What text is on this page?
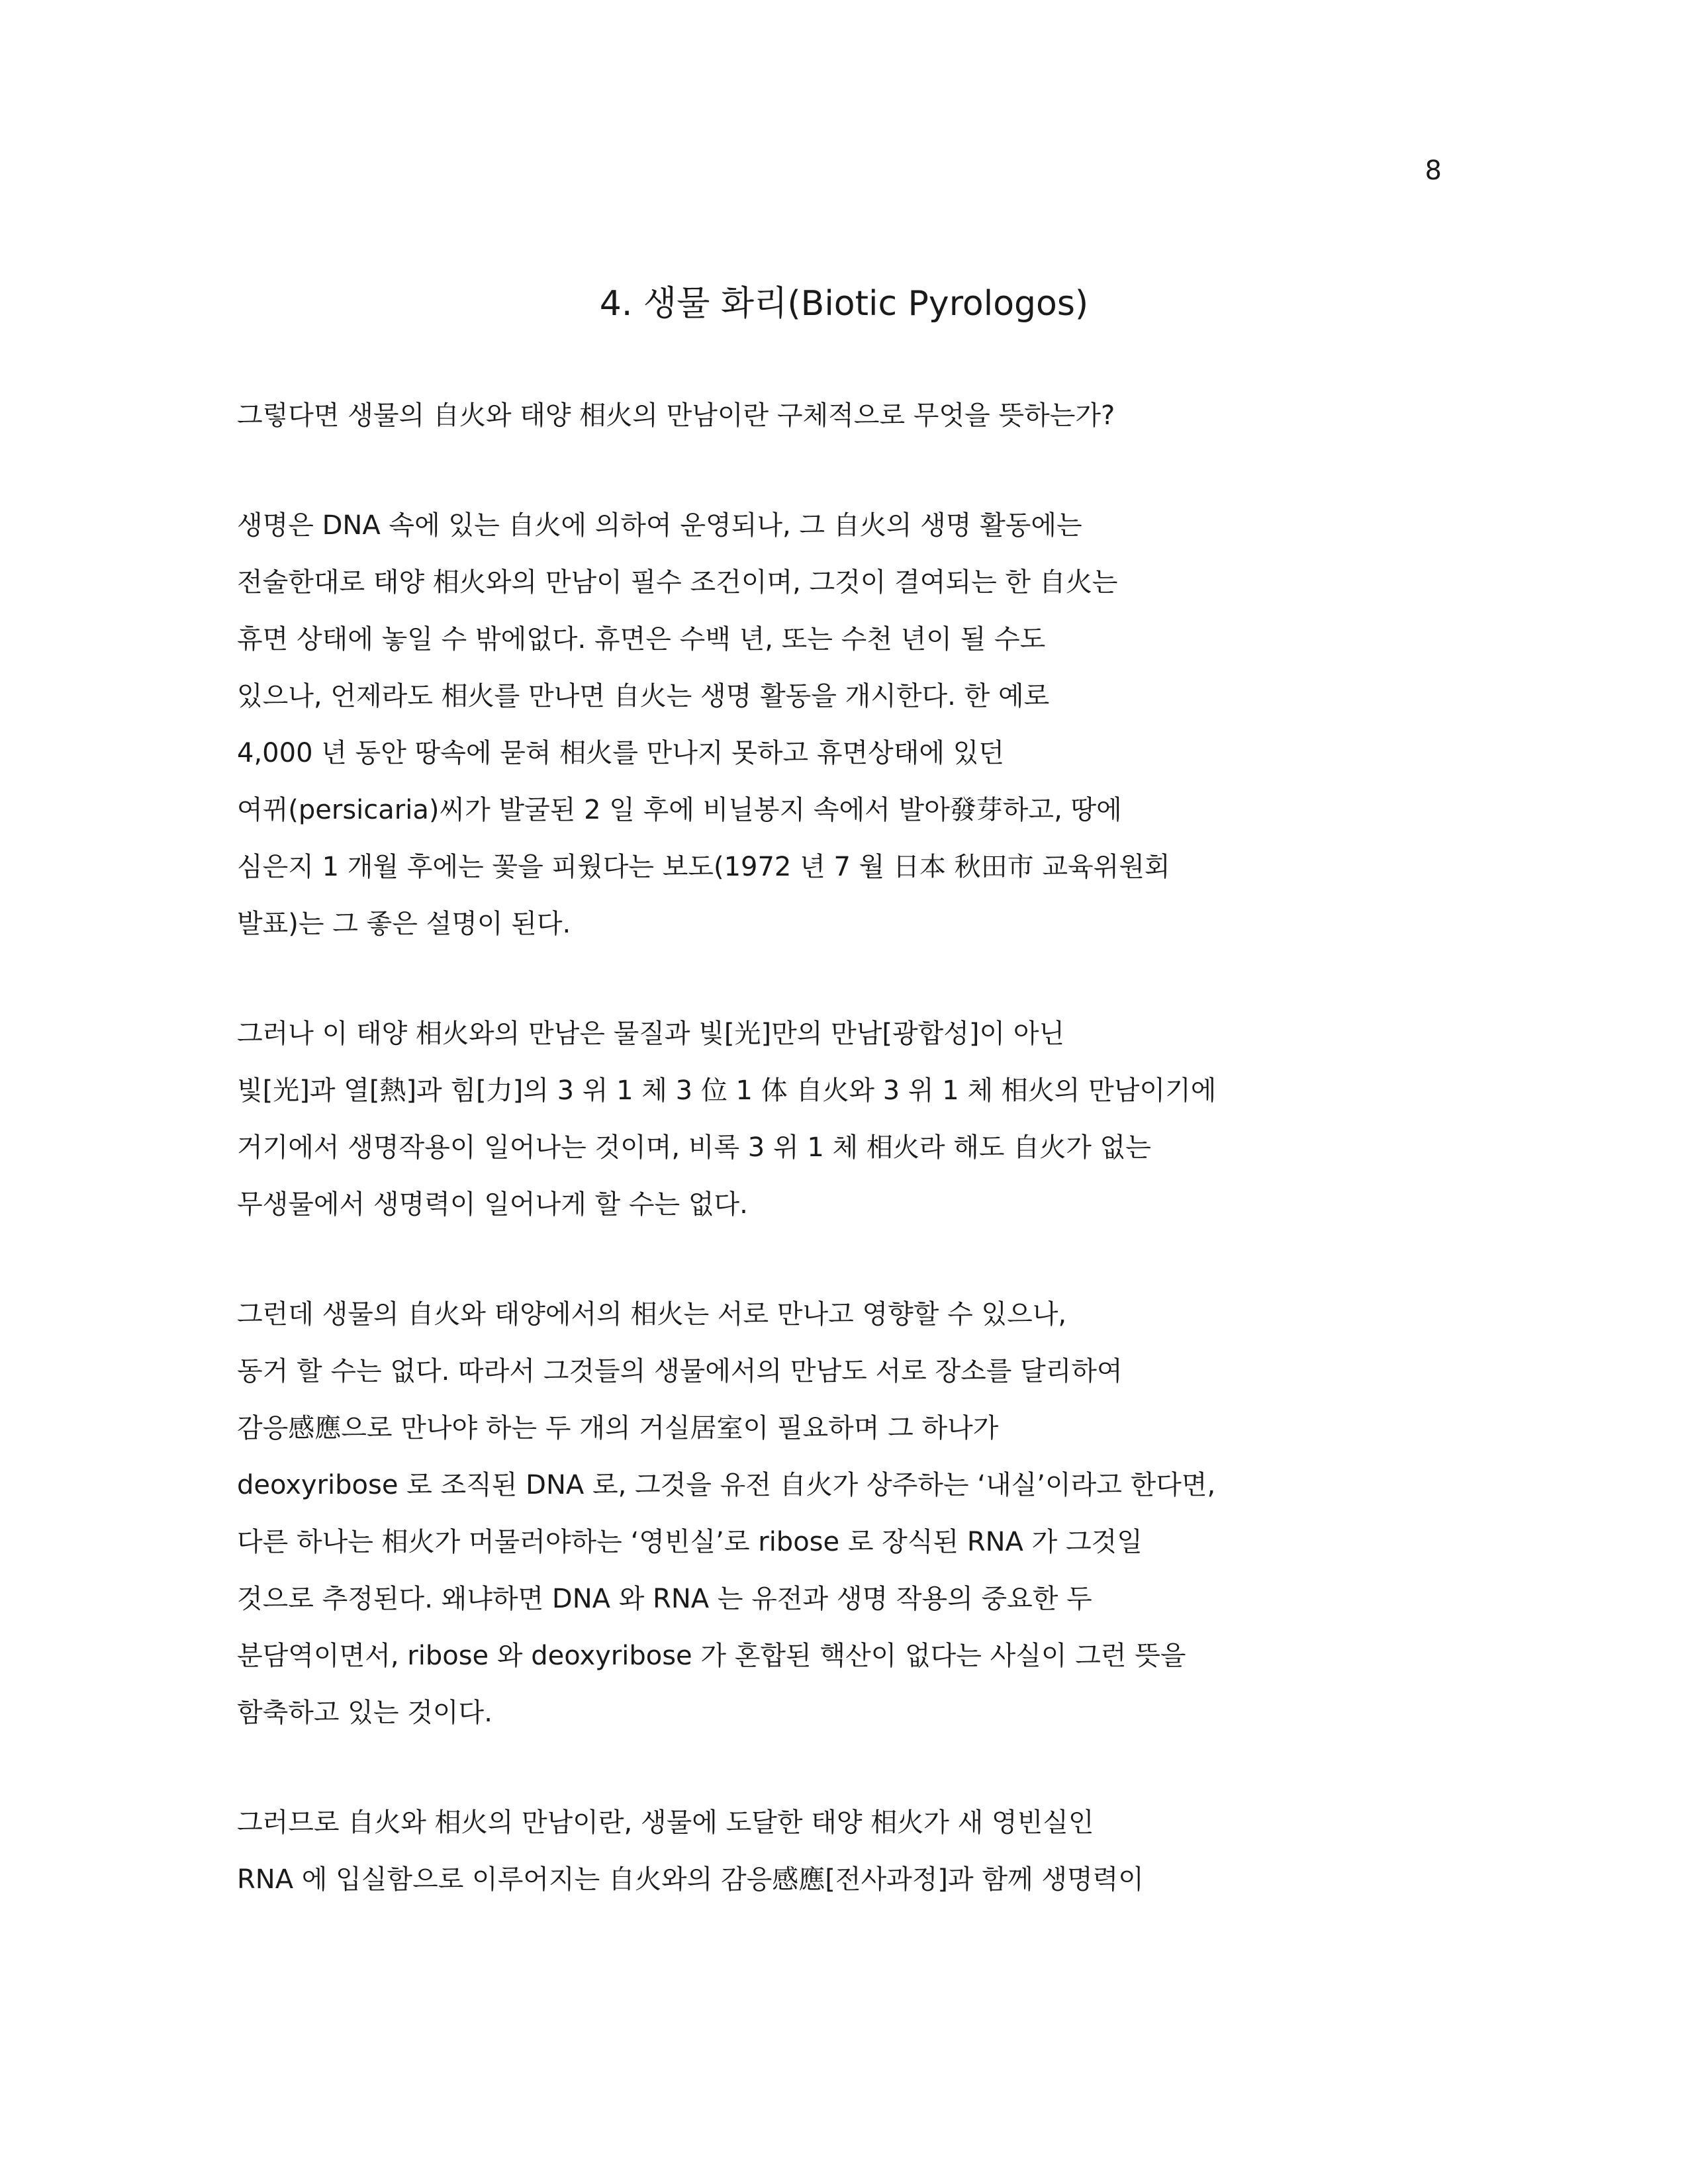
8
4. 생물 화리(Biotic Pyrologos)
그렇다면 생물의 自火와 태양 相火의 만남이란 구체적으로 무엇을 뜻하는가?
생명은 DNA 속에 있는 自火에 의하여 운영되나, 그 自火의 생명 활동에는
전술한대로 태양 相火와의 만남이 필수 조건이며, 그것이 결여되는 한 自火는
휴면 상태에 놓일 수 밖에없다. 휴면은 수백 년, 또는 수천 년이 될 수도
있으나, 언제라도 相火를 만나면 自火는 생명 활동을 개시한다. 한 예로
4,000 년 동안 땅속에 묻혀 相火를 만나지 못하고 휴면상태에 있던
여뀌(persicaria)씨가 발굴된 2 일 후에 비닐봉지 속에서 발아發芽하고, 땅에
심은지 1 개월 후에는 꽃을 피웠다는 보도(1972 년 7 월 日本 秋田市 교육위원회
발표)는 그 좋은 설명이 된다.
그러나 이 태양 相火와의 만남은 물질과 빛[光]만의 만남[광합성]이 아닌
빛[光]과 열[熱]과 힘[力]의 3 위 1 체 3 位 1 体 自火와 3 위 1 체 相火의 만남이기에
거기에서 생명작용이 일어나는 것이며, 비록 3 위 1 체 相火라 해도 自火가 없는
무생물에서 생명력이 일어나게 할 수는 없다.
그런데 생물의 自火와 태양에서의 相火는 서로 만나고 영향할 수 있으나,
동거 할 수는 없다. 따라서 그것들의 생물에서의 만남도 서로 장소를 달리하여
감응感應으로 만나야 하는 두 개의 거실居室이 필요하며 그 하나가
deoxyribose 로 조직된 DNA 로, 그것을 유전 自火가 상주하는 ‘내실’이라고 한다면,
다른 하나는 相火가 머물러야하는 ‘영빈실’로 ribose 로 장식된 RNA 가 그것일
것으로 추정된다. 왜냐하면 DNA 와 RNA 는 유전과 생명 작용의 중요한 두
분담역이면서, ribose 와 deoxyribose 가 혼합된 핵산이 없다는 사실이 그런 뜻을
함축하고 있는 것이다.
그러므로 自火와 相火의 만남이란, 생물에 도달한 태양 相火가 새 영빈실인
RNA 에 입실함으로 이루어지는 自火와의 감응感應[전사과정]과 함께 생명력이
